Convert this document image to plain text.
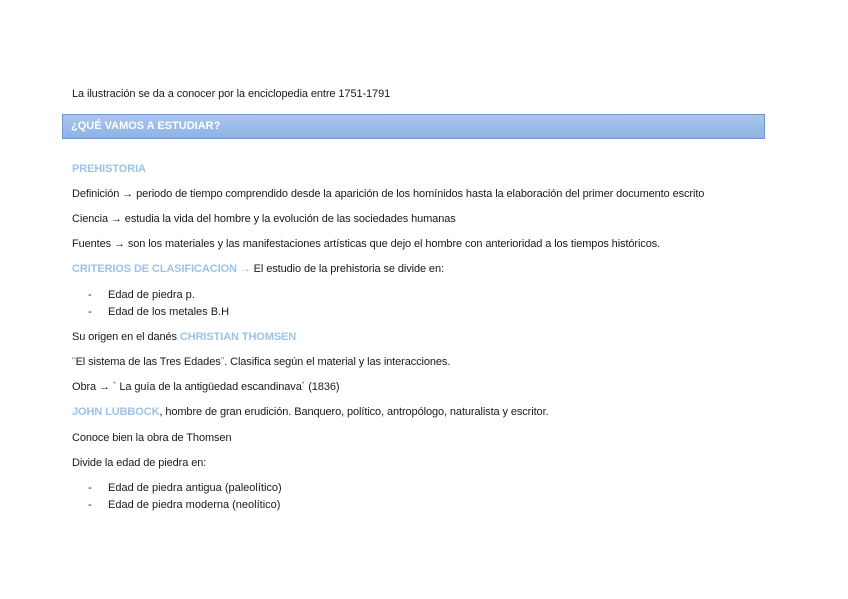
La ilustración se da a conocer por la enciclopedia entre 1751-1791
¿QUÉ VAMOS A ESTUDIAR?
PREHISTORIA
Definición → periodo de tiempo comprendido desde la aparición de los homínidos hasta la elaboración del primer documento escrito
Ciencia → estudia la vida del hombre y la evolución de las sociedades humanas
Fuentes → son los materiales y las manifestaciones artísticas que dejo el hombre con anterioridad a los tiempos históricos.
CRITERIOS DE CLASIFICACION → El estudio de la prehistoria se divide en:
- Edad de piedra p.
- Edad de los metales B.H
Su origen en el danés CHRISTIAN THOMSEN
¨El sistema de las Tres Edades¨. Clasifica según el material y las interacciones.
Obra → ` La guía de la antigüedad escandinava´ (1836)
JOHN LUBBOCK, hombre de gran erudición. Banquero, político, antropólogo, naturalista y escritor.
Conoce bien la obra de Thomsen
Divide la edad de piedra en:
- Edad de piedra antigua (paleolítico)
- Edad de piedra moderna (neolítico)
